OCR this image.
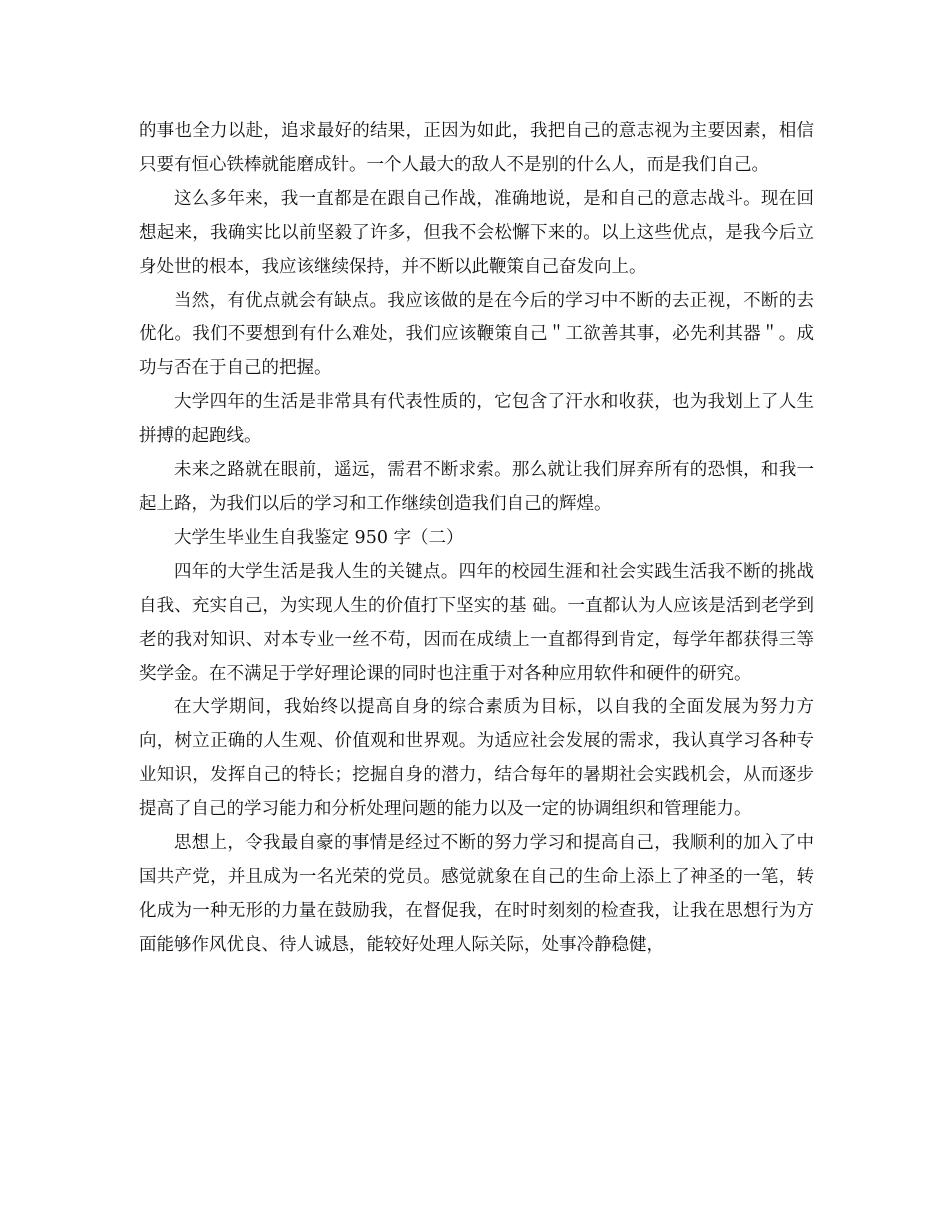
的事也全力以赴，追求最好的结果，正因为如此，我把自己的意志视为主要因素，相信只要有恒心铁棒就能磨成针。一个人最大的敌人不是别的什么人，而是我们自己。

这么多年来，我一直都是在跟自己作战，准确地说，是和自己的意志战斗。现在回想起来，我确实比以前坚毅了许多，但我不会松懈下来的。以上这些优点，是我今后立身处世的根本，我应该继续保持，并不断以此鞭策自己奋发向上。

当然，有优点就会有缺点。我应该做的是在今后的学习中不断的去正视，不断的去优化。我们不要想到有什么难处，我们应该鞭策自己＂工欲善其事，必先利其器＂。成功与否在于自己的把握。

大学四年的生活是非常具有代表性质的，它包含了汗水和收获，也为我划上了人生拼搏的起跑线。

未来之路就在眼前，遥远，需君不断求索。那么就让我们屏弃所有的恐惧，和我一起上路，为我们以后的学习和工作继续创造我们自己的辉煌。

大学生毕业生自我鉴定 950 字（二）

四年的大学生活是我人生的关键点。四年的校园生涯和社会实践生活我不断的挑战自我、充实自己，为实现人生的价值打下坚实的基 础。一直都认为人应该是活到老学到老的我对知识、对本专业一丝不苟，因而在成绩上一直都得到肯定，每学年都获得三等奖学金。在不满足于学好理论课的同时也注重于对各种应用软件和硬件的研究。

在大学期间，我始终以提高自身的综合素质为目标，以自我的全面发展为努力方向，树立正确的人生观、价值观和世界观。为适应社会发展的需求，我认真学习各种专业知识，发挥自己的特长；挖掘自身的潜力，结合每年的暑期社会实践机会，从而逐步提高了自己的学习能力和分析处理问题的能力以及一定的协调组织和管理能力。

思想上，令我最自豪的事情是经过不断的努力学习和提高自己，我顺利的加入了中国共产党，并且成为一名光荣的党员。感觉就象在自己的生命上添上了神圣的一笔，转化成为一种无形的力量在鼓励我，在督促我，在时时刻刻的检查我，让我在思想行为方面能够作风优良、待人诚恳，能较好处理人际关际，处事冷静稳健，
